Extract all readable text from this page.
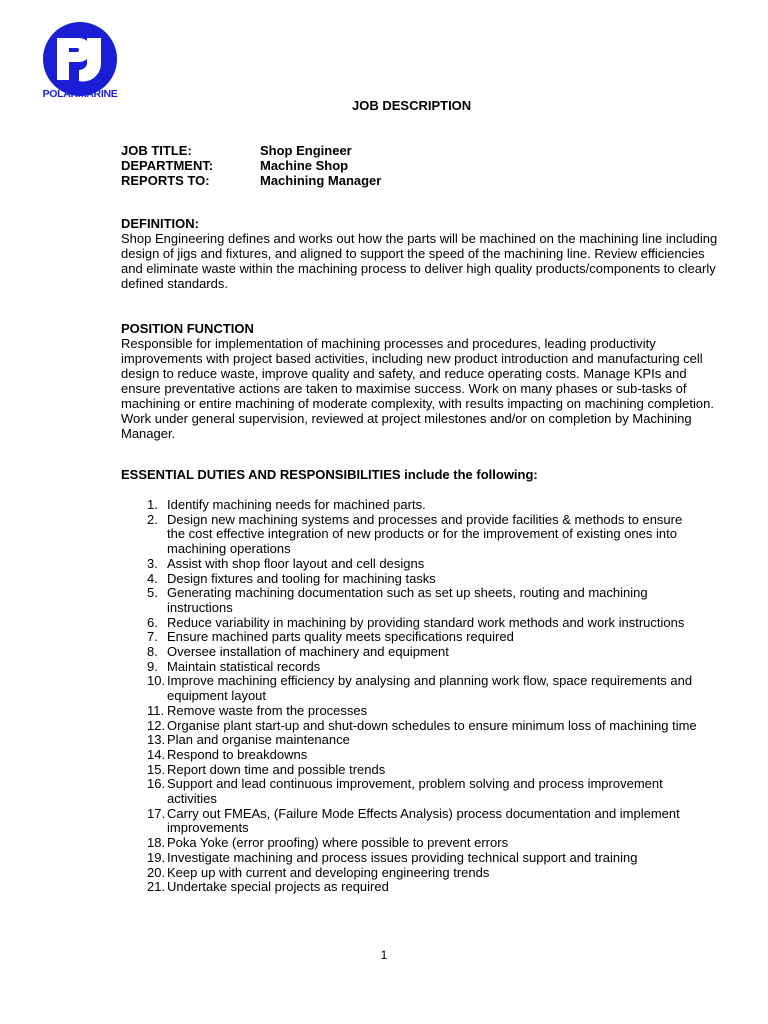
POLARMARINE
JOB DESCRIPTION
JOB TITLE:	Shop Engineer
DEPARTMENT:	Machine Shop
REPORTS TO:	Machining Manager
DEFINITION:

Shop Engineering defines and works out how the parts will be machined on the machining line including design of jigs and fixtures, and aligned to support the speed of the machining line. Review efficiencies and eliminate waste within the machining process to deliver high quality products/components to clearly defined standards.

POSITION FUNCTION

Responsible for implementation of machining processes and procedures, leading productivity improvements with project based activities, including new product introduction and manufacturing cell design to reduce waste, improve quality and safety, and reduce operating costs. Manage KPIs and ensure preventative actions are taken to maximise success. Work on many phases or sub-tasks of machining or entire machining of moderate complexity, with results impacting on machining completion. Work under general supervision, reviewed at project milestones and/or on completion by Machining Manager.

ESSENTIAL DUTIES AND RESPONSIBILITIES include the following:
1. Identify machining needs for machined parts.
2. Design new machining systems and processes and provide facilities & methods to ensure the cost effective integration of new products or for the improvement of existing ones into machining operations
3. Assist with shop floor layout and cell designs
4. Design fixtures and tooling for machining tasks
5. Generating machining documentation such as set up sheets, routing and machining instructions
6. Reduce variability in machining by providing standard work methods and work instructions
7. Ensure machined parts quality meets specifications required
8. Oversee installation of machinery and equipment
9. Maintain statistical records
10. Improve machining efficiency by analysing and planning work flow, space requirements and equipment layout
11. Remove waste from the processes
12. Organise plant start-up and shut-down schedules to ensure minimum loss of machining time
13. Plan and organise maintenance
14. Respond to breakdowns
15. Report down time and possible trends
16. Support and lead continuous improvement, problem solving and process improvement activities
17. Carry out FMEAs, (Failure Mode Effects Analysis) process documentation and implement improvements
18. Poka Yoke (error proofing) where possible to prevent errors
19. Investigate machining and process issues providing technical support and training
20. Keep up with current and developing engineering trends
21. Undertake special projects as required
1
